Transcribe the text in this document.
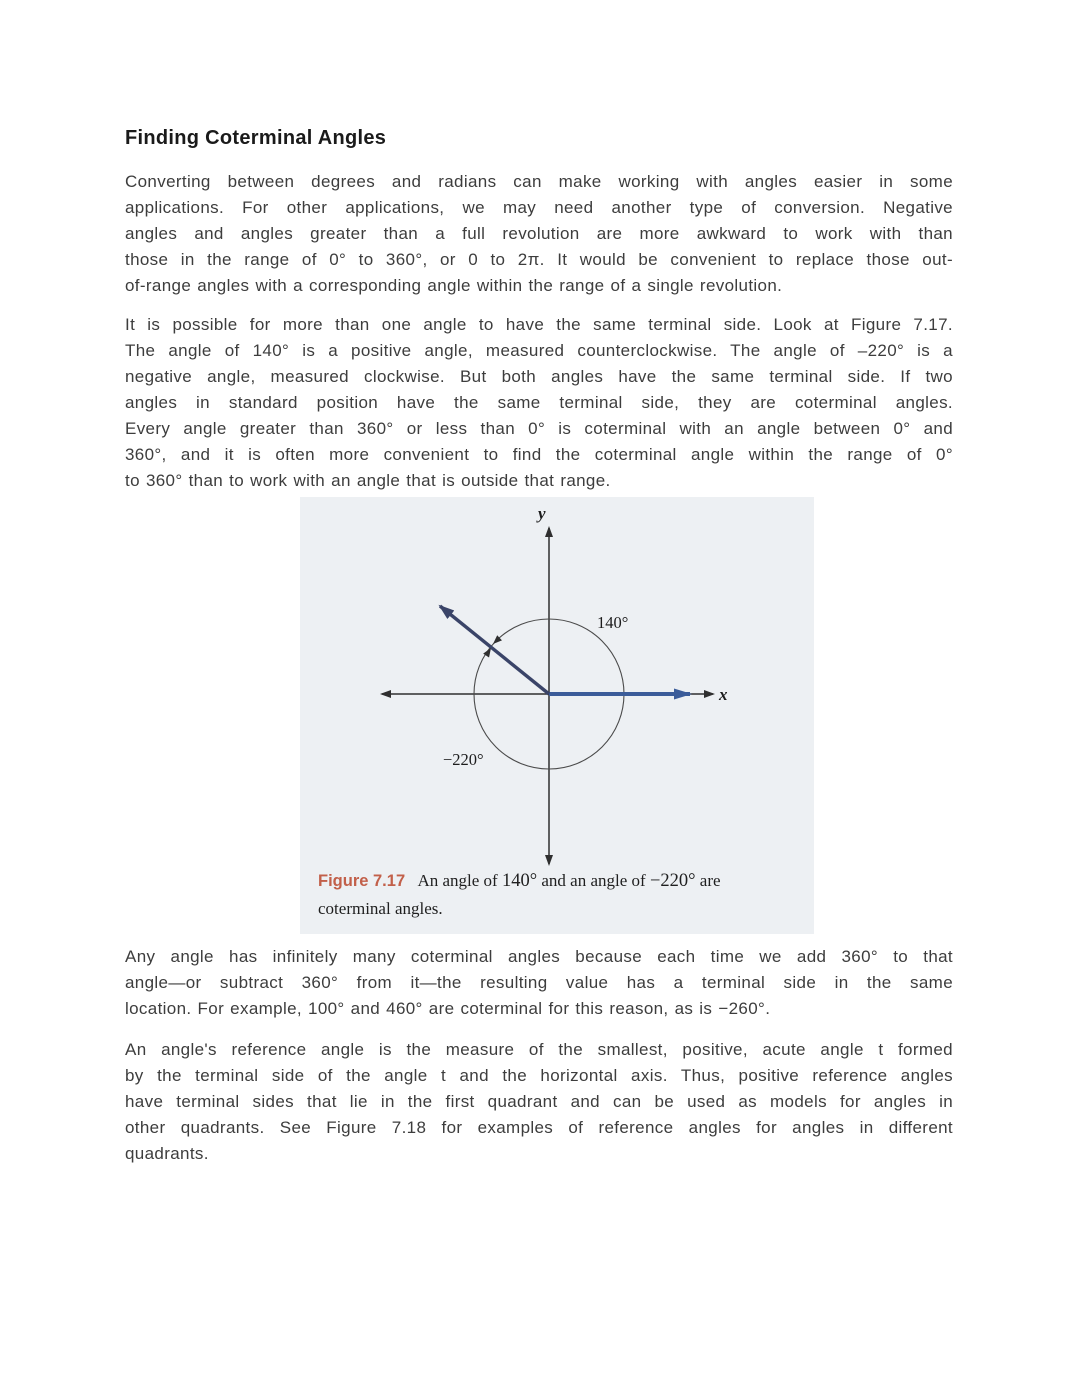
Finding Coterminal Angles
Converting between degrees and radians can make working with angles easier in some
applications. For other applications, we may need another type of conversion. Negative
angles and angles greater than a full revolution are more awkward to work with than
those in the range of 0° to 360°, or 0 to 2π. It would be convenient to replace those out-
of-range angles with a corresponding angle within the range of a single revolution.
It is possible for more than one angle to have the same terminal side. Look at Figure 7.17.
The angle of 140° is a positive angle, measured counterclockwise. The angle of –220° is a
negative angle, measured clockwise. But both angles have the same terminal side. If two
angles in standard position have the same terminal side, they are coterminal angles.
Every angle greater than 360° or less than 0° is coterminal with an angle between 0° and
360°, and it is often more convenient to find the coterminal angle within the range of 0°
to 360° than to work with an angle that is outside that range.
y
x
140°
−220°
Figure 7.17 An angle of 140° and an angle of −220° are
coterminal angles.
Any angle has infinitely many coterminal angles because each time we add 360° to that
angle—or subtract 360° from it—the resulting value has a terminal side in the same
location. For example, 100° and 460° are coterminal for this reason, as is −260°.
An angle's reference angle is the measure of the smallest, positive, acute angle t formed
by the terminal side of the angle t and the horizontal axis. Thus, positive reference angles
have terminal sides that lie in the first quadrant and can be used as models for angles in
other quadrants. See Figure 7.18 for examples of reference angles for angles in different
quadrants.
